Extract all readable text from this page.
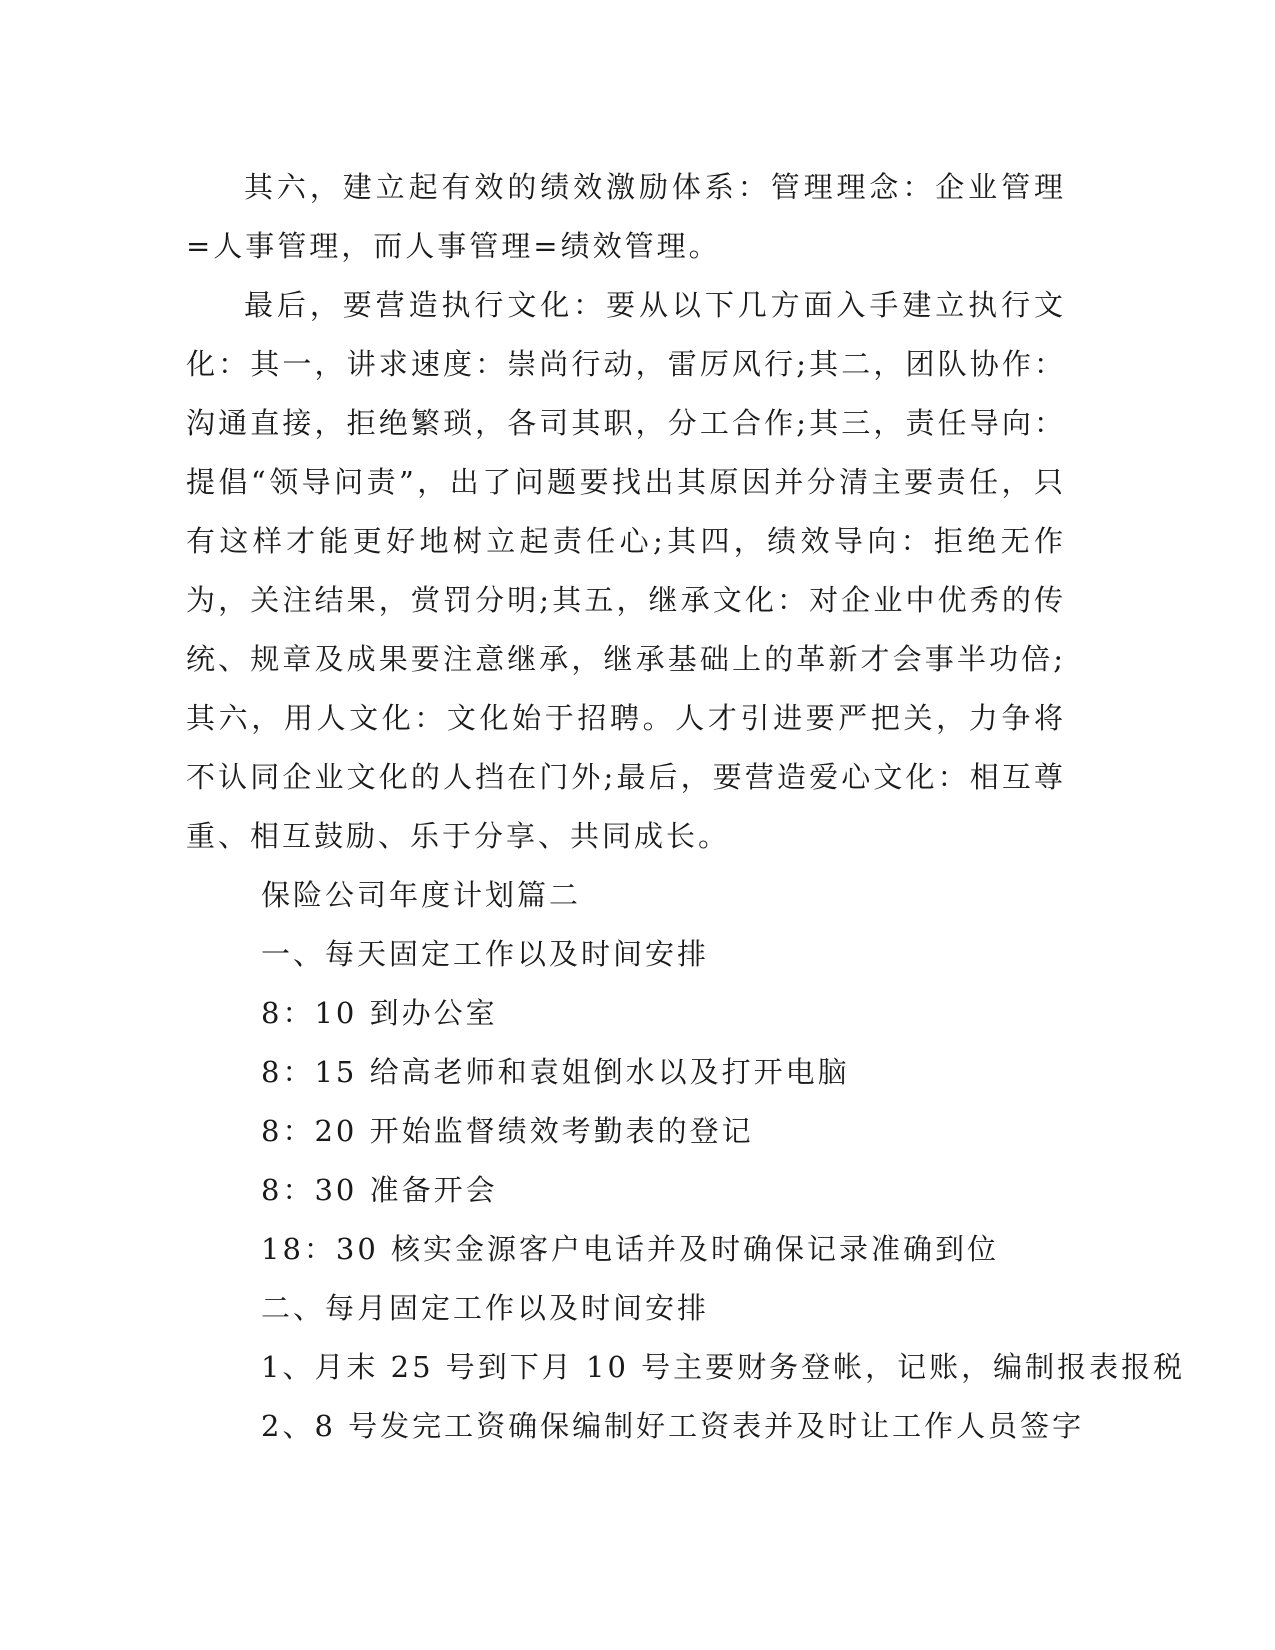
其六，建立起有效的绩效激励体系：管理理念：企业管理=人事管理，而人事管理=绩效管理。

最后，要营造执行文化：要从以下几方面入手建立执行文化：其一，讲求速度：崇尚行动，雷厉风行;其二，团队协作：沟通直接，拒绝繁琐，各司其职，分工合作;其三，责任导向：提倡“领导问责”，出了问题要找出其原因并分清主要责任，只有这样才能更好地树立起责任心;其四，绩效导向：拒绝无作为，关注结果，赏罚分明;其五，继承文化：对企业中优秀的传统、规章及成果要注意继承，继承基础上的革新才会事半功倍;其六，用人文化：文化始于招聘。人才引进要严把关，力争将不认同企业文化的人挡在门外;最后，要营造爱心文化：相互尊重、相互鼓励、乐于分享、共同成长。

保险公司年度计划篇二

一、每天固定工作以及时间安排

8：10 到办公室

8：15 给高老师和袁姐倒水以及打开电脑

8：20 开始监督绩效考勤表的登记

8：30 准备开会

18：30 核实金源客户电话并及时确保记录准确到位

二、每月固定工作以及时间安排

1、月末 25 号到下月 10 号主要财务登帐，记账，编制报表报税

2、8 号发完工资确保编制好工资表并及时让工作人员签字
